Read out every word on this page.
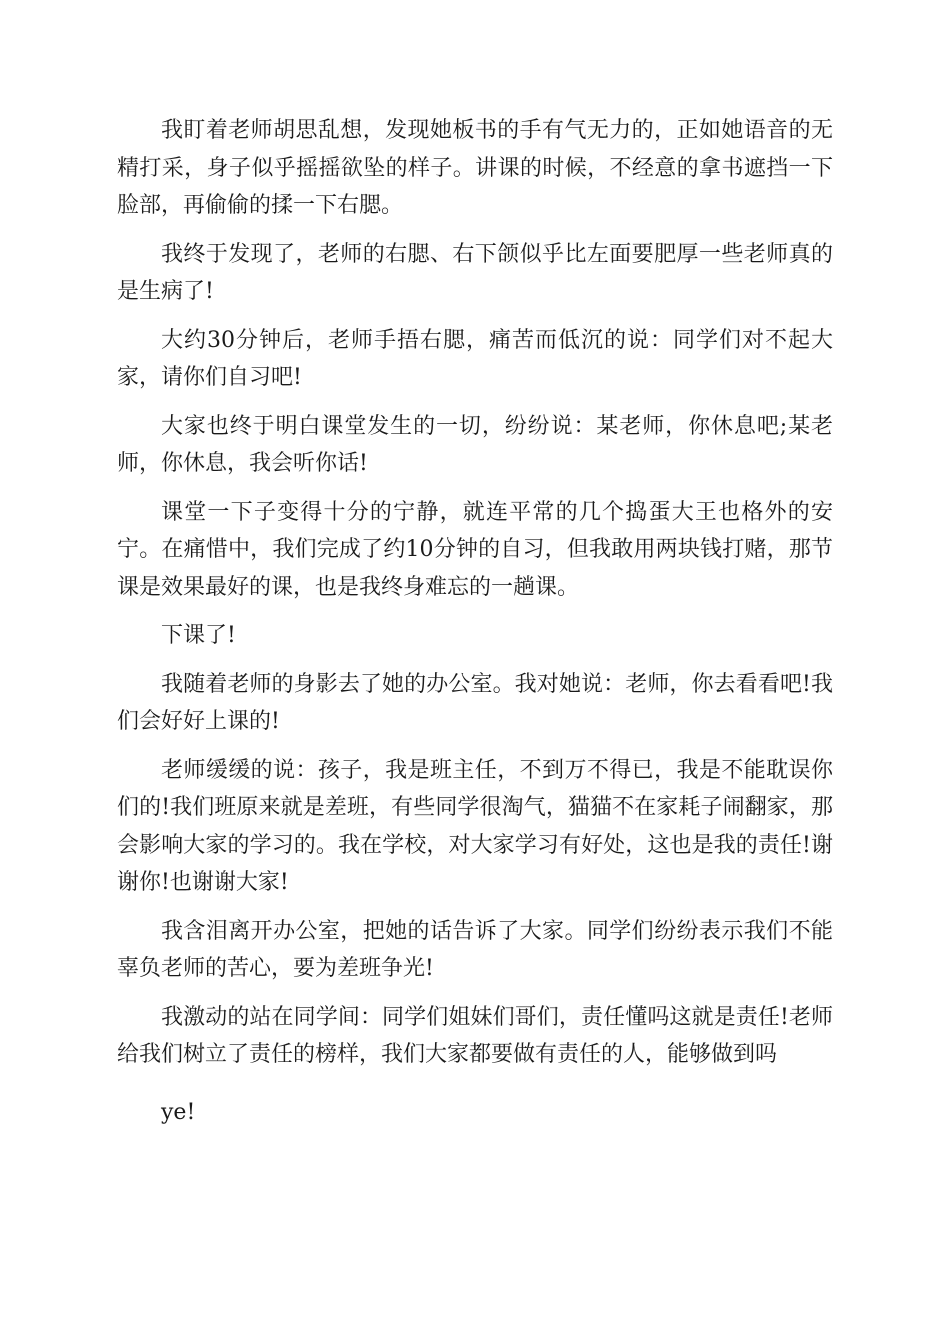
我盯着老师胡思乱想，发现她板书的手有气无力的，正如她语音的无精打采，身子似乎摇摇欲坠的样子。讲课的时候，不经意的拿书遮挡一下脸部，再偷偷的揉一下右腮。

我终于发现了，老师的右腮、右下颌似乎比左面要肥厚一些老师真的是生病了!

大约30分钟后，老师手捂右腮，痛苦而低沉的说：同学们对不起大家，请你们自习吧!

大家也终于明白课堂发生的一切，纷纷说：某老师，你休息吧;某老师，你休息，我会听你话!

课堂一下子变得十分的宁静，就连平常的几个捣蛋大王也格外的安宁。在痛惜中，我们完成了约10分钟的自习，但我敢用两块钱打赌，那节课是效果最好的课，也是我终身难忘的一趟课。

下课了!

我随着老师的身影去了她的办公室。我对她说：老师，你去看看吧!我们会好好上课的!

老师缓缓的说：孩子，我是班主任，不到万不得已，我是不能耽误你们的!我们班原来就是差班，有些同学很淘气，猫猫不在家耗子闹翻家，那会影响大家的学习的。我在学校，对大家学习有好处，这也是我的责任!谢谢你!也谢谢大家!

我含泪离开办公室，把她的话告诉了大家。同学们纷纷表示我们不能辜负老师的苦心，要为差班争光!

我激动的站在同学间：同学们姐妹们哥们，责任懂吗这就是责任!老师给我们树立了责任的榜样，我们大家都要做有责任的人，能够做到吗

ye!
